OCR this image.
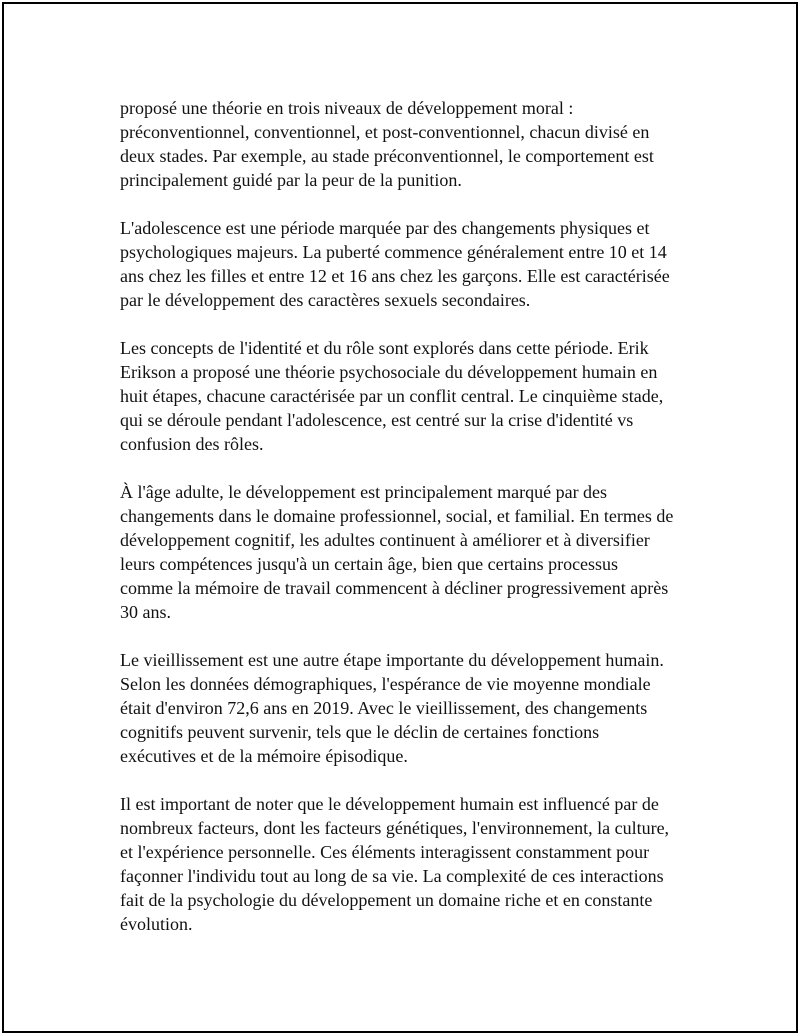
proposé une théorie en trois niveaux de développement moral :
préconventionnel, conventionnel, et post-conventionnel, chacun divisé en
deux stades. Par exemple, au stade préconventionnel, le comportement est
principalement guidé par la peur de la punition.

L'adolescence est une période marquée par des changements physiques et
psychologiques majeurs. La puberté commence généralement entre 10 et 14
ans chez les filles et entre 12 et 16 ans chez les garçons. Elle est caractérisée
par le développement des caractères sexuels secondaires.

Les concepts de l'identité et du rôle sont explorés dans cette période. Erik
Erikson a proposé une théorie psychosociale du développement humain en
huit étapes, chacune caractérisée par un conflit central. Le cinquième stade,
qui se déroule pendant l'adolescence, est centré sur la crise d'identité vs
confusion des rôles.

À l'âge adulte, le développement est principalement marqué par des
changements dans le domaine professionnel, social, et familial. En termes de
développement cognitif, les adultes continuent à améliorer et à diversifier
leurs compétences jusqu'à un certain âge, bien que certains processus
comme la mémoire de travail commencent à décliner progressivement après
30 ans.

Le vieillissement est une autre étape importante du développement humain.
Selon les données démographiques, l'espérance de vie moyenne mondiale
était d'environ 72,6 ans en 2019. Avec le vieillissement, des changements
cognitifs peuvent survenir, tels que le déclin de certaines fonctions
exécutives et de la mémoire épisodique.

Il est important de noter que le développement humain est influencé par de
nombreux facteurs, dont les facteurs génétiques, l'environnement, la culture,
et l'expérience personnelle. Ces éléments interagissent constamment pour
façonner l'individu tout au long de sa vie. La complexité de ces interactions
fait de la psychologie du développement un domaine riche et en constante
évolution.
